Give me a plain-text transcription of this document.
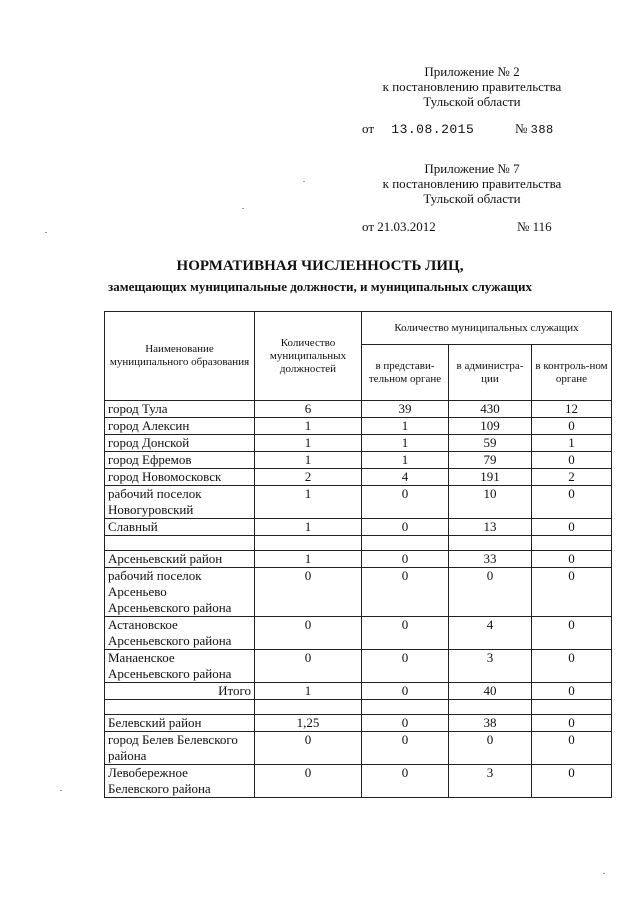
Приложение № 2
к постановлению правительства
Тульской области
от 13.08.2015	№ 388
Приложение № 7
к постановлению правительства
Тульской области
от 21.03.2012	№ 116
НОРМАТИВНАЯ ЧИСЛЕННОСТЬ ЛИЦ,
замещающих муниципальные должности, и муниципальных служащих
Наименование муниципального образования	Количество муниципальных должностей	Количество муниципальных служащих		
		в представи-тельном органе	в администра-ции	в контроль-ном органе
город Тула	6	39	430	12
город Алексин	1	1	109	0
город Донской	1	1	59	1
город Ефремов	1	1	79	0
город Новомосковск	2	4	191	2
рабочий поселок Новогуровский	1	0	10	0
Славный	1	0	13	0

Арсеньевский район	1	0	33	0
рабочий поселок Арсеньево Арсеньевского района	0	0	0	0
Астановское Арсеньевского района	0	0	4	0
Манаенское Арсеньевского района	0	0	3	0
Итого	1	0	40	0

Белевский район	1,25	0	38	0
город Белев Белевского района	0	0	0	0
Левобережное Белевского района	0	0	3	0
